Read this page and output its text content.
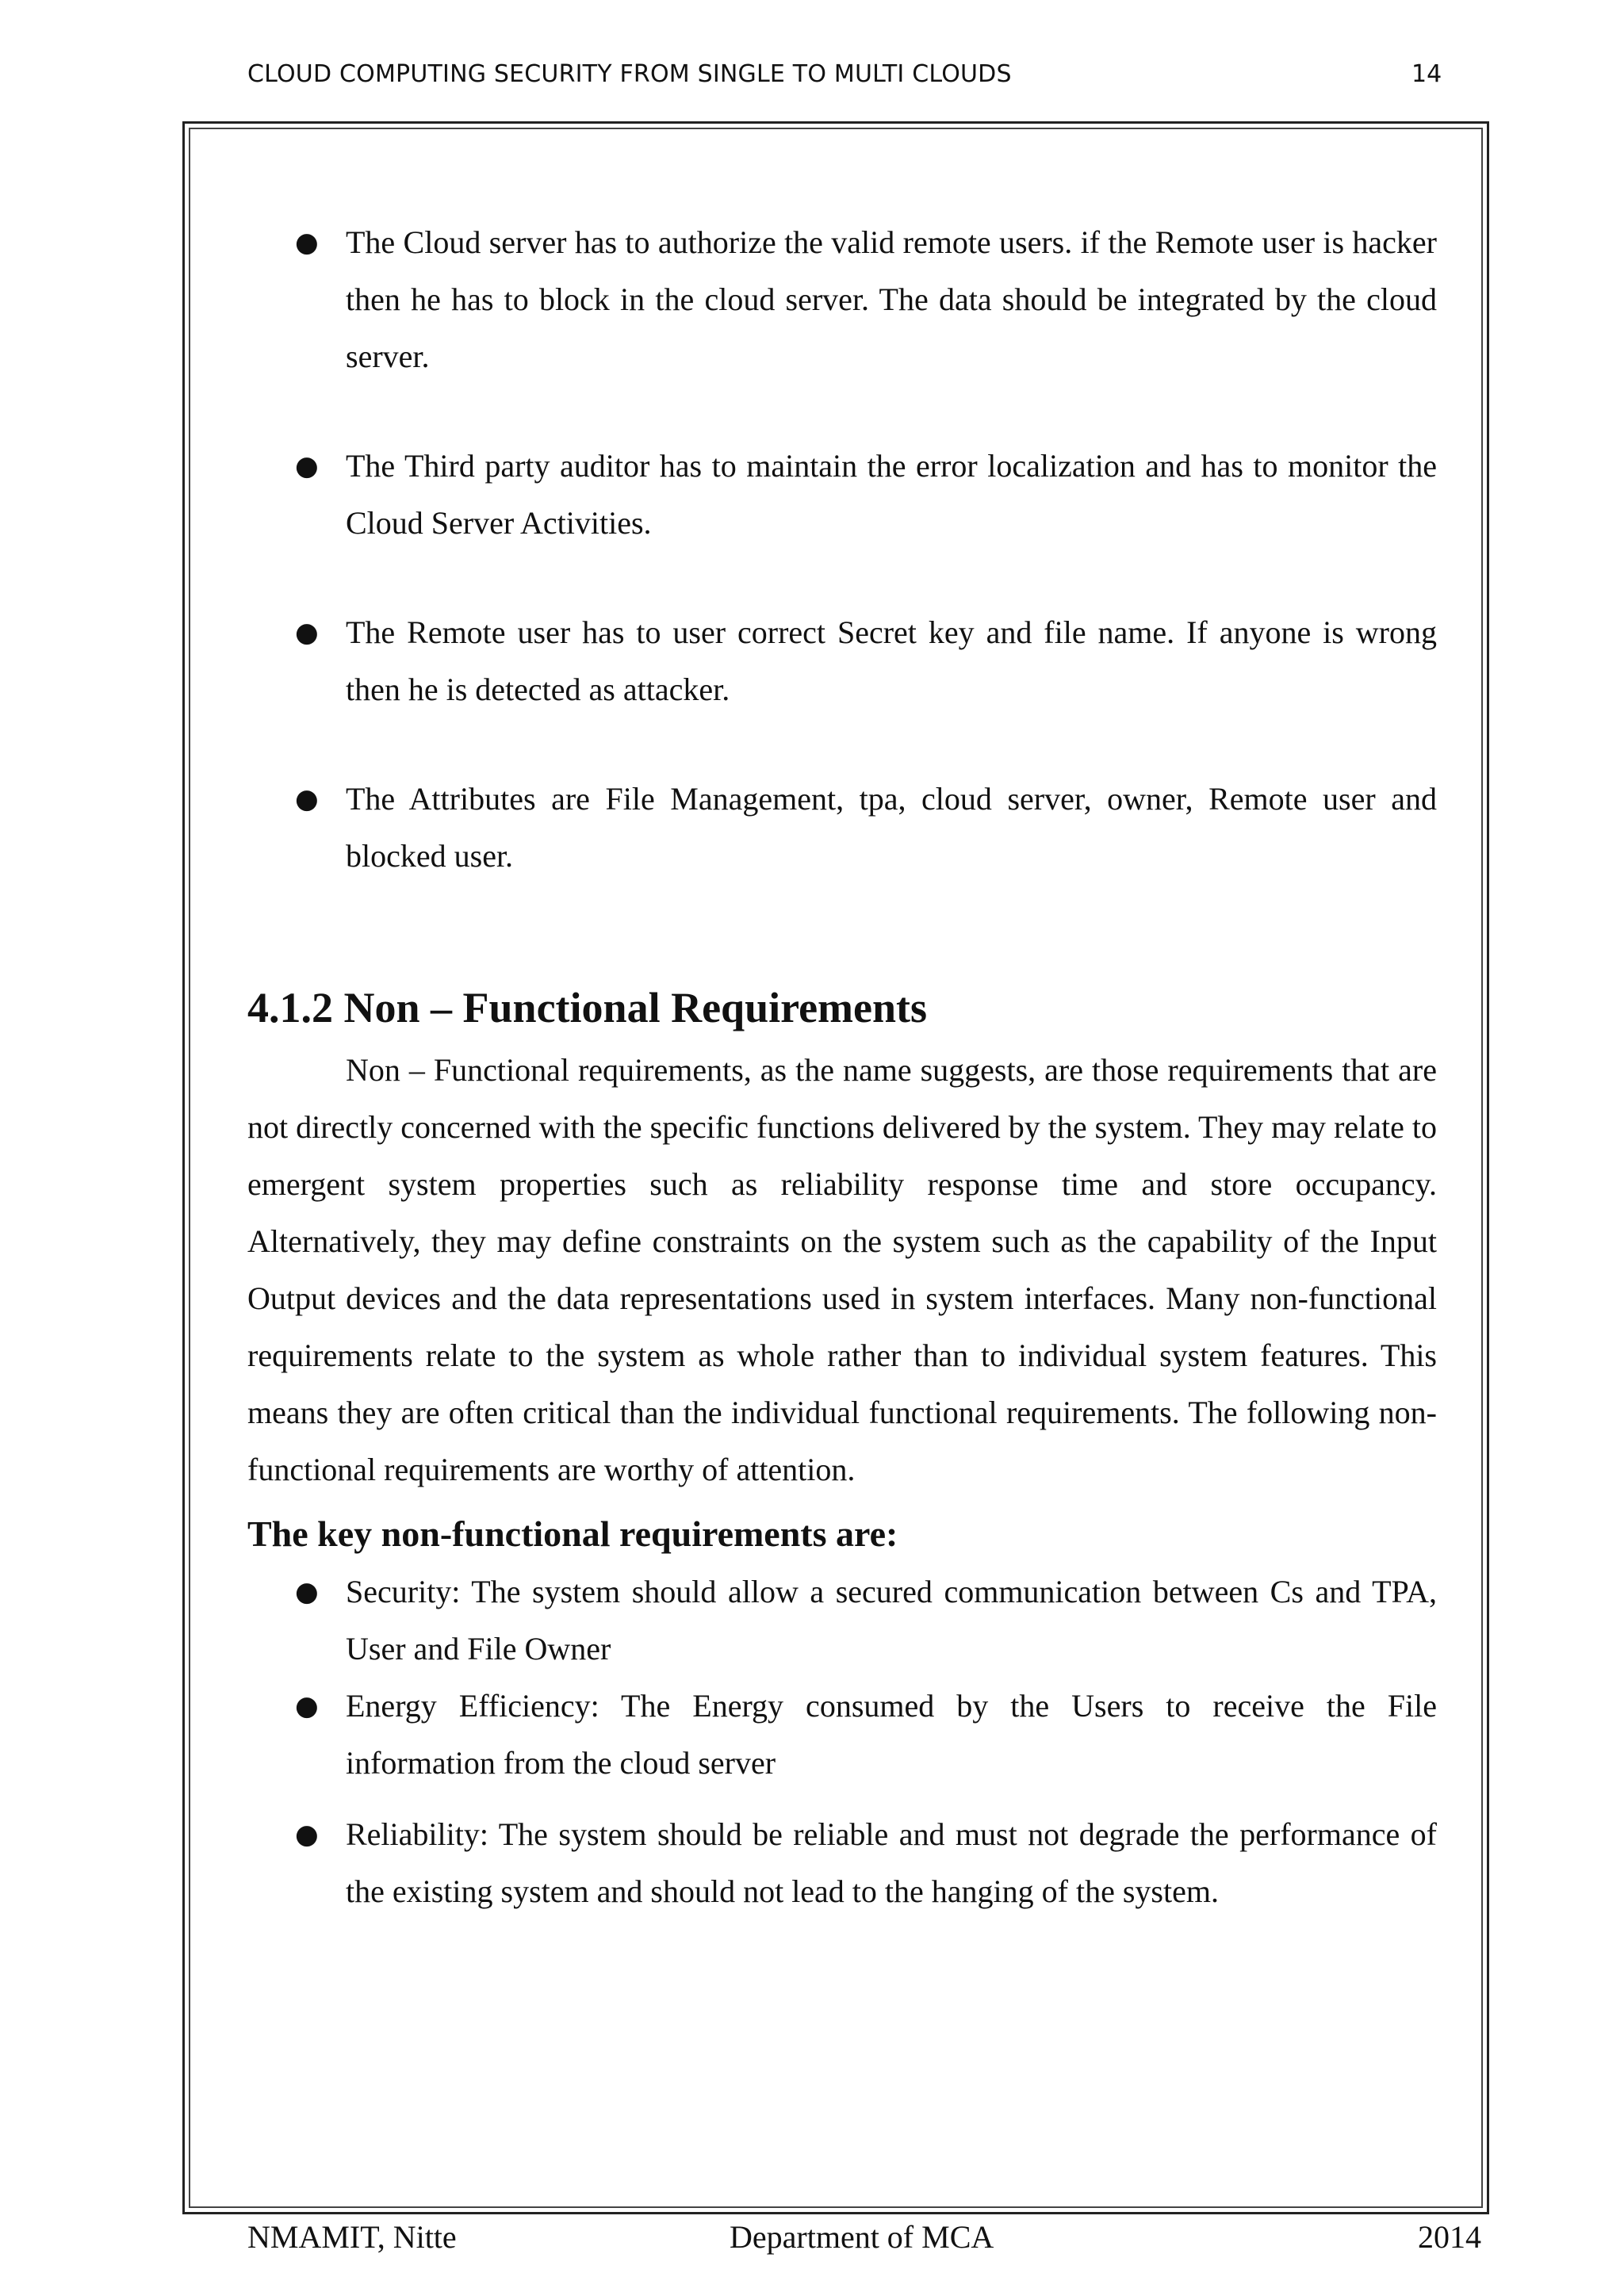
CLOUD COMPUTING SECURITY FROM SINGLE TO MULTI CLOUDS	14
● The Cloud server has to authorize the valid remote users. if the Remote user is hacker then he has to block in the cloud server. The data should be integrated by the cloud server.
● The Third party auditor has to maintain the error localization and has to monitor the Cloud Server Activities.
● The Remote user has to user correct Secret key and file name. If anyone is wrong then he is detected as attacker.
● The Attributes are File Management, tpa, cloud server, owner, Remote user and blocked user.
4.1.2 Non – Functional Requirements

Non – Functional requirements, as the name suggests, are those requirements that are not directly concerned with the specific functions delivered by the system. They may relate to emergent system properties such as reliability response time and store occupancy. Alternatively, they may define constraints on the system such as the capability of the Input Output devices and the data representations used in system interfaces. Many non-functional requirements relate to the system as whole rather than to individual system features. This means they are often critical than the individual functional requirements. The following non-functional requirements are worthy of attention.

The key non-functional requirements are:
● Security: The system should allow a secured communication between Cs and TPA, User and File Owner
● Energy Efficiency: The Energy consumed by the Users to receive the File information from the cloud server
● Reliability: The system should be reliable and must not degrade the performance of the existing system and should not lead to the hanging of the system.
NMAMIT, Nitte	Department of MCA	2014
